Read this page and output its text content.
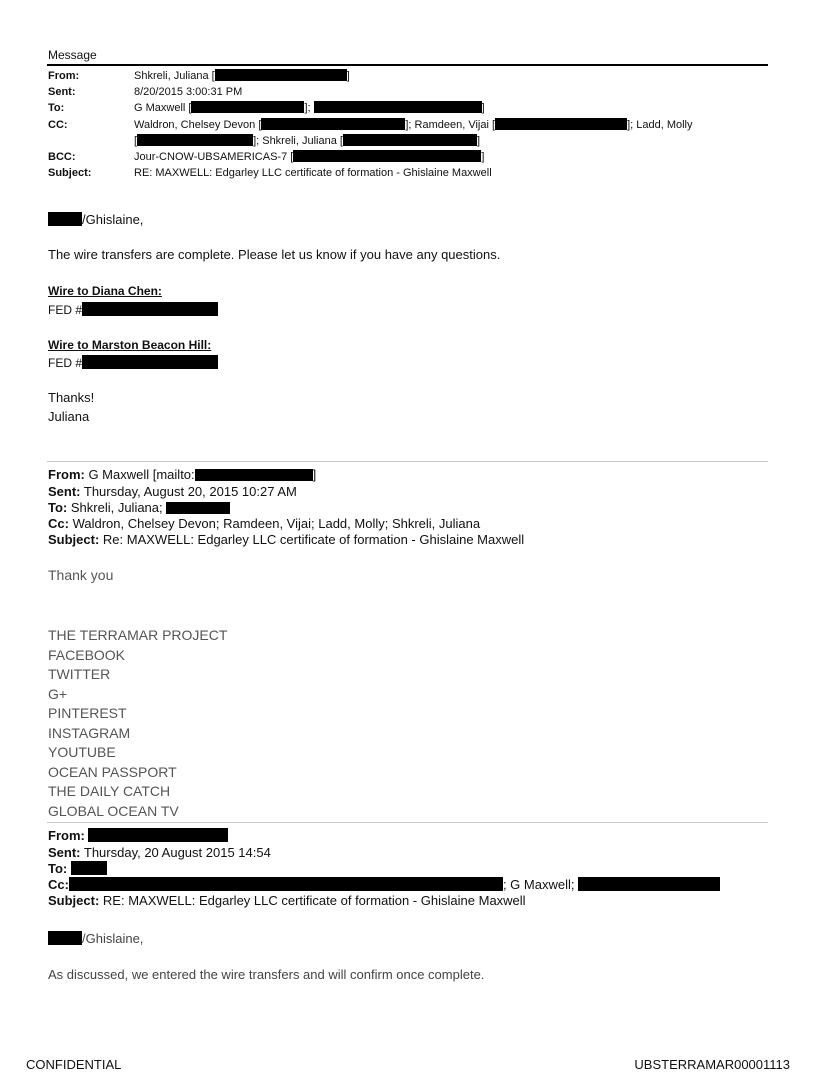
Message
From:	Shkreli, Juliana [	]
Sent:	8/20/2015 3:00:31 PM
To:	G Maxwell [	];	]
CC:	Waldron, Chelsey Devon [	]; Ramdeen, Vijai [	]; Ladd, Molly
[	]; Shkreli, Juliana [	]
BCC:	Jour-CNOW-UBSAMERICAS-7 [	]
Subject:	RE: MAXWELL: Edgarley LLC certificate of formation - Ghislaine Maxwell
/Ghislaine,
The wire transfers are complete. Please let us know if you have any questions.
Wire to Diana Chen:
FED #
Wire to Marston Beacon Hill:
FED #
Thanks!
Juliana
From: G Maxwell [mailto:	]
Sent: Thursday, August 20, 2015 10:27 AM
To: Shkreli, Juliana;
Cc: Waldron, Chelsey Devon; Ramdeen, Vijai; Ladd, Molly; Shkreli, Juliana
Subject: Re: MAXWELL: Edgarley LLC certificate of formation - Ghislaine Maxwell
Thank you
THE TERRAMAR PROJECT
FACEBOOK
TWITTER
G+
PINTEREST
INSTAGRAM
YOUTUBE
OCEAN PASSPORT
THE DAILY CATCH
GLOBAL OCEAN TV
From:
Sent: Thursday, 20 August 2015 14:54
To:
Cc:	; G Maxwell;
Subject: RE: MAXWELL: Edgarley LLC certificate of formation - Ghislaine Maxwell
/Ghislaine,
As discussed, we entered the wire transfers and will confirm once complete.
CONFIDENTIAL	UBSTERRAMAR00001113
